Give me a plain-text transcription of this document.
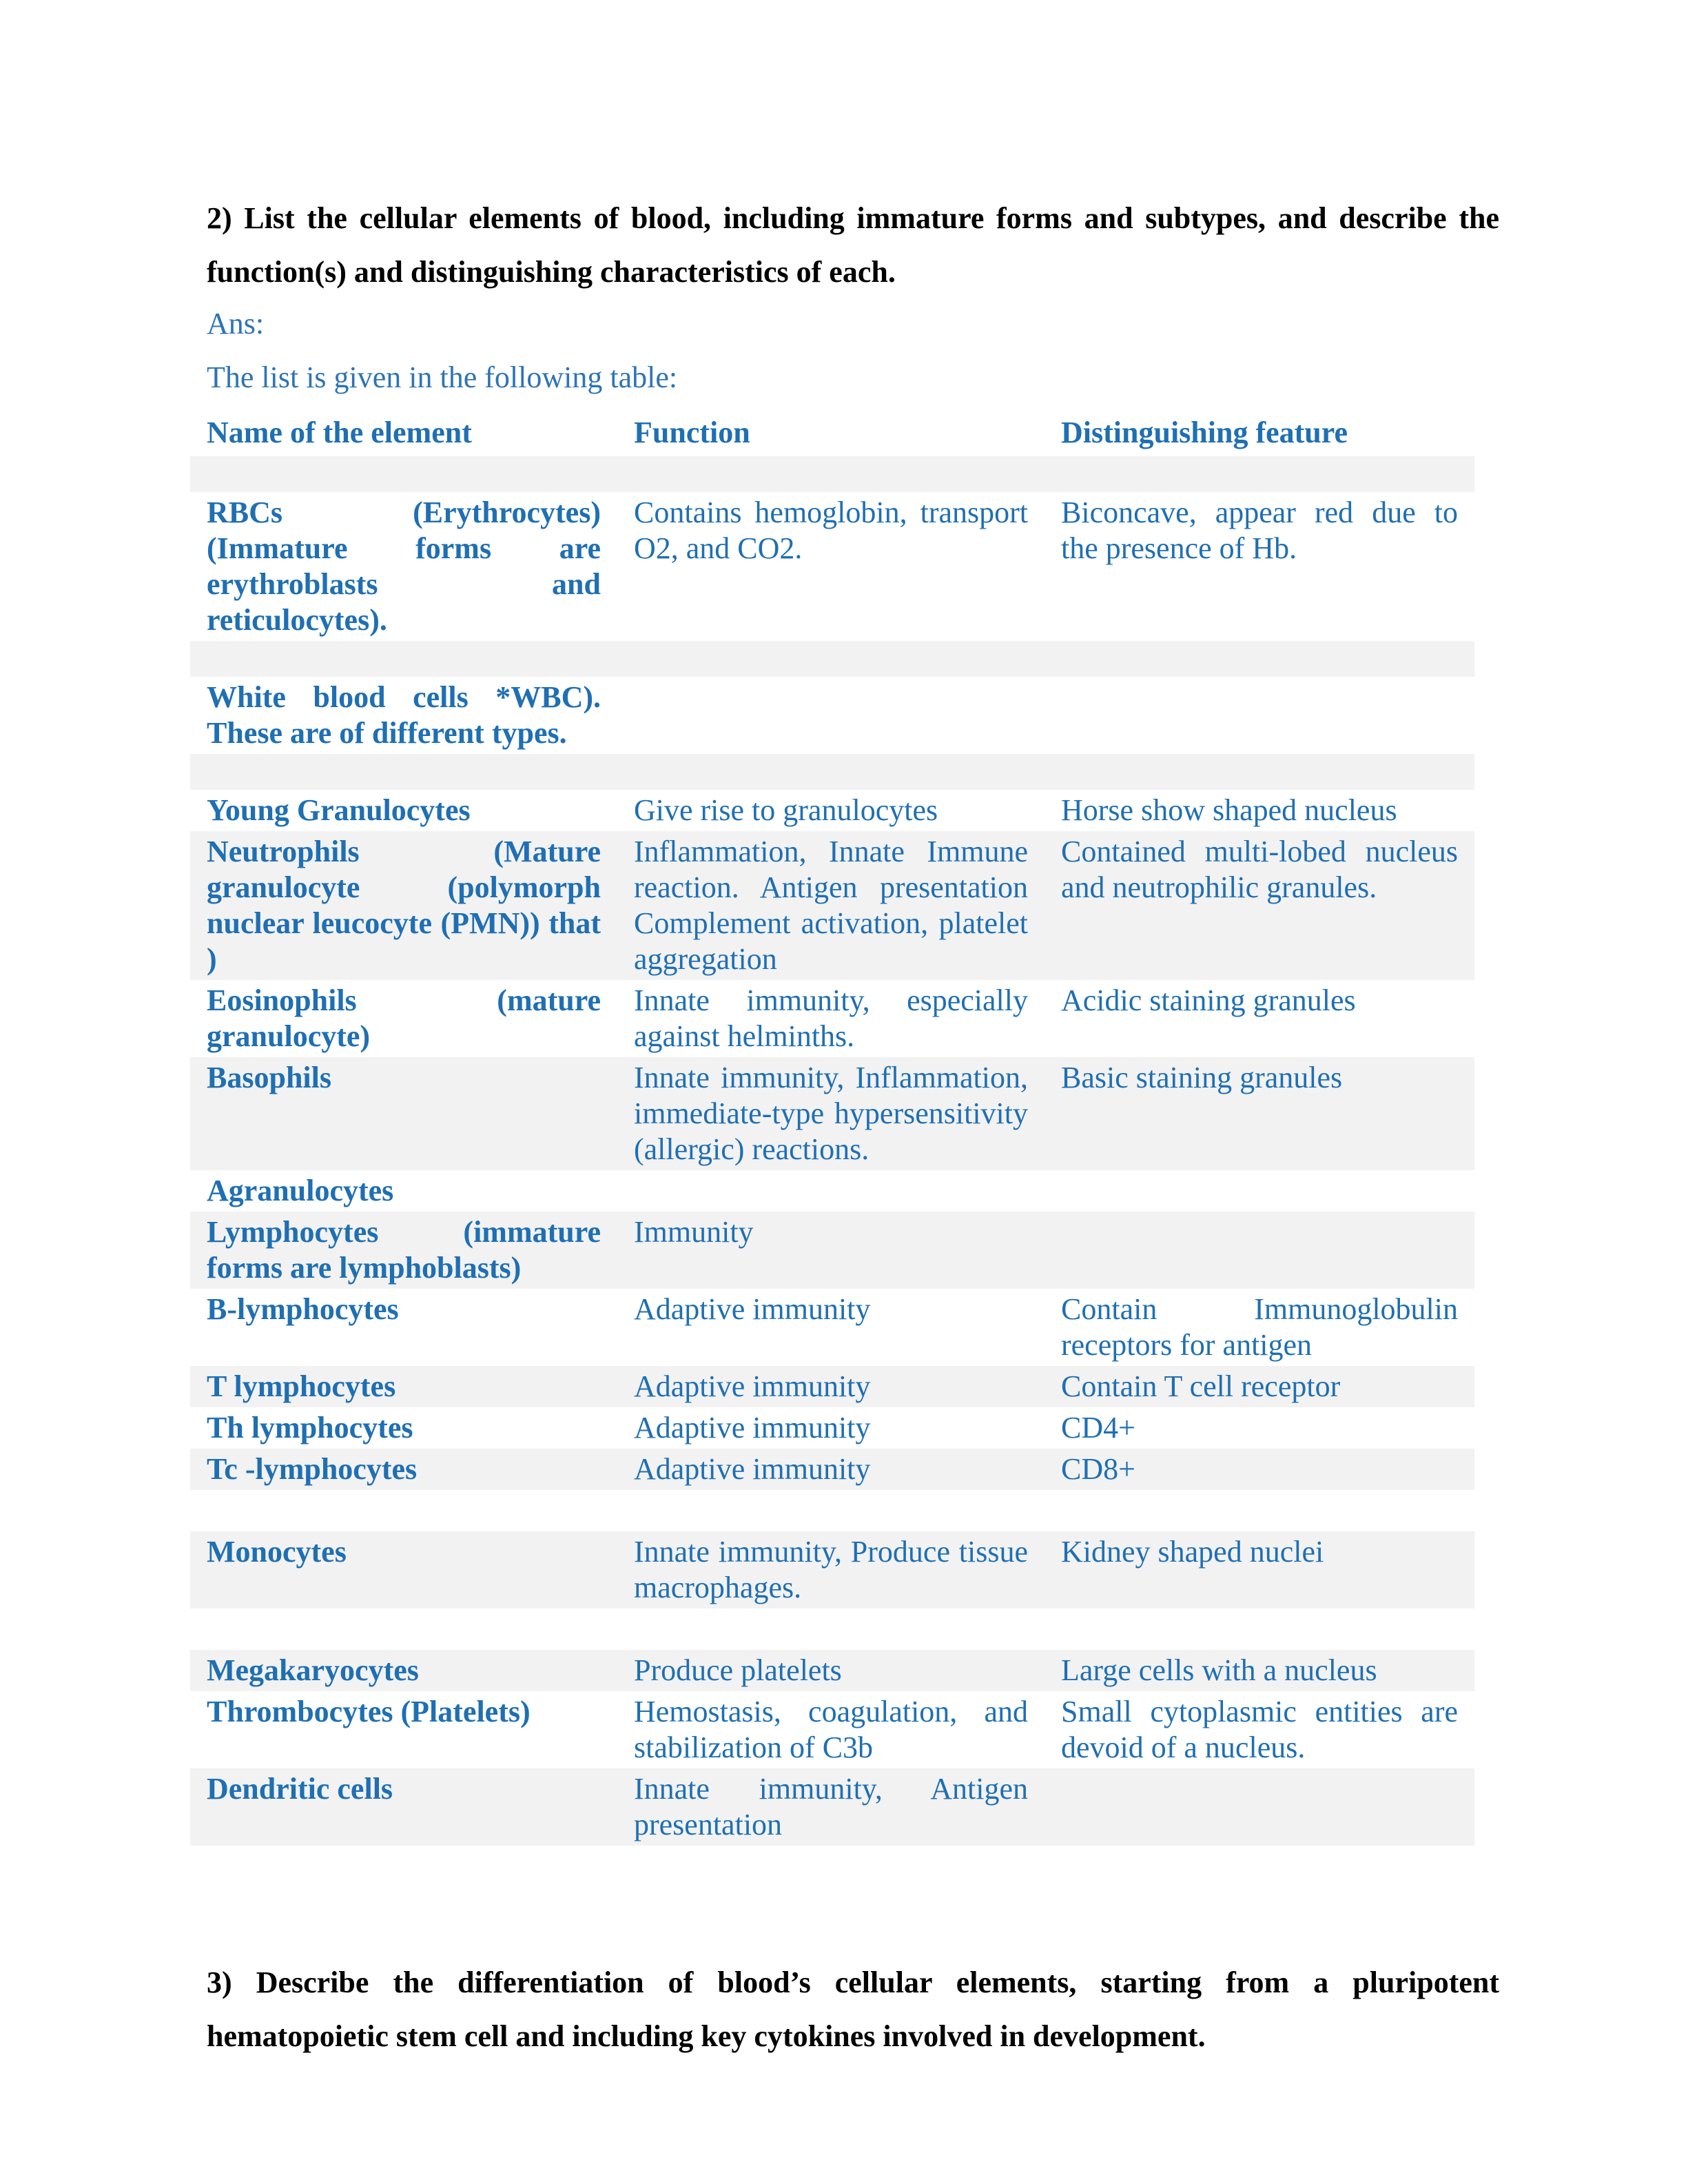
2) List the cellular elements of blood, including immature forms and subtypes, and describe the function(s) and distinguishing characteristics of each.
Ans:
The list is given in the following table:
Name of the element	Function	Distinguishing feature

RBCs (Erythrocytes) (Immature forms are erythroblasts and reticulocytes).	Contains hemoglobin, transport O2, and CO2.	Biconcave, appear red due to the presence of Hb.

White blood cells *WBC). These are of different types.		

Young Granulocytes	Give rise to granulocytes	Horse show shaped nucleus
Neutrophils (Mature granulocyte (polymorph nuclear leucocyte (PMN)) that )	Inflammation, Innate Immune reaction. Antigen presentation Complement activation, platelet aggregation	Contained multi-lobed nucleus and neutrophilic granules.
Eosinophils (mature granulocyte)	Innate immunity, especially against helminths.	Acidic staining granules
Basophils	Innate immunity, Inflammation, immediate-type hypersensitivity (allergic) reactions.	Basic staining granules
Agranulocytes		
Lymphocytes (immature forms are lymphoblasts)	Immunity	
B-lymphocytes	Adaptive immunity	Contain Immunoglobulin receptors for antigen
T lymphocytes	Adaptive immunity	Contain T cell receptor
Th lymphocytes	Adaptive immunity	CD4+
Tc -lymphocytes	Adaptive immunity	CD8+

Monocytes	Innate immunity, Produce tissue macrophages.	Kidney shaped nuclei

Megakaryocytes	Produce platelets	Large cells with a nucleus
Thrombocytes (Platelets)	Hemostasis, coagulation, and stabilization of C3b	Small cytoplasmic entities are devoid of a nucleus.
Dendritic cells	Innate immunity, Antigen presentation	
3) Describe the differentiation of blood’s cellular elements, starting from a pluripotent hematopoietic stem cell and including key cytokines involved in development.
